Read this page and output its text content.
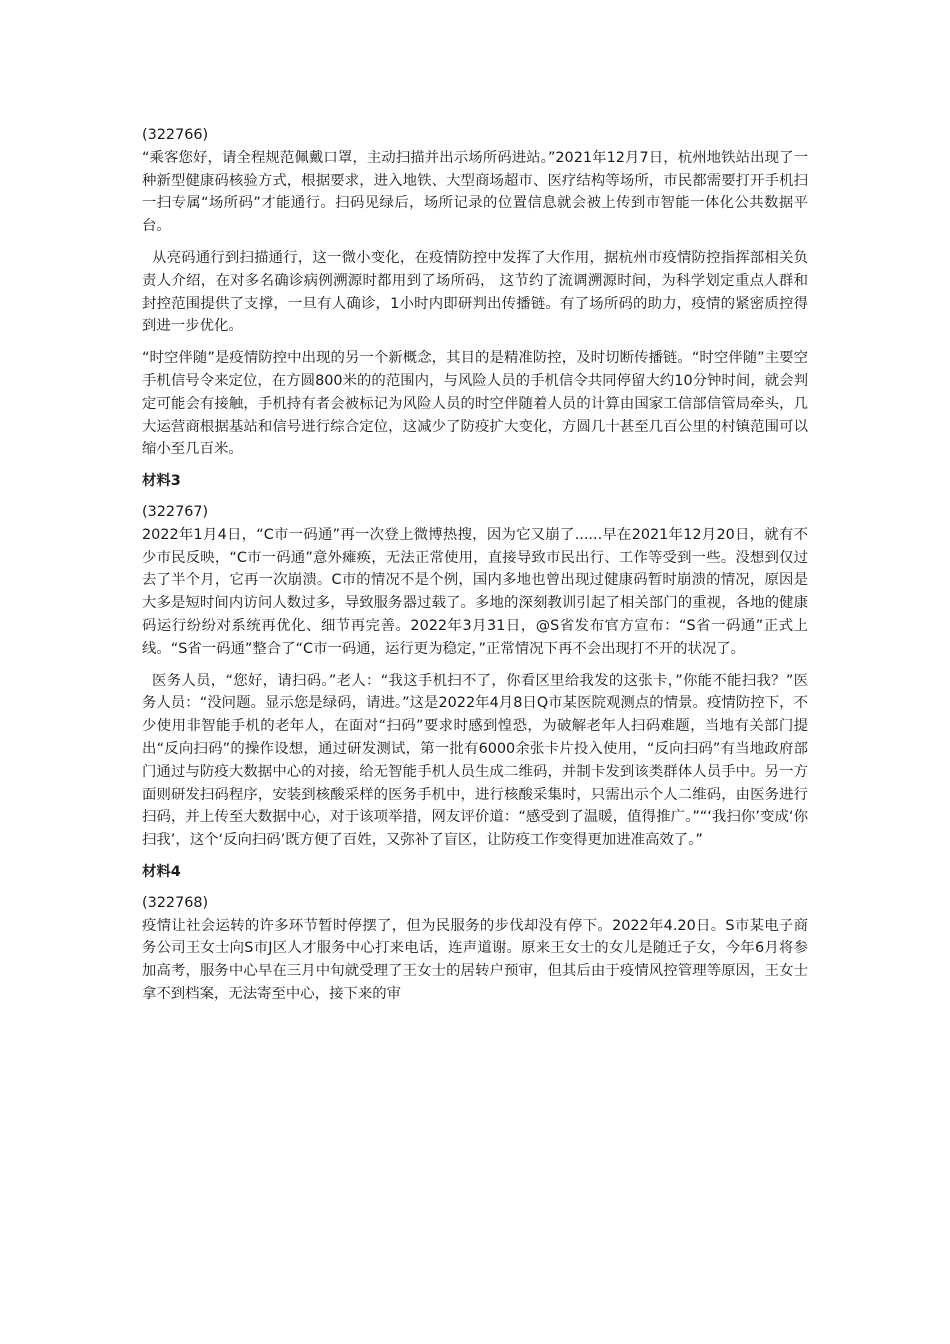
(322766)

“乘客您好，请全程规范佩戴口罩，主动扫描并出示场所码进站。”2021年12月7日，杭州地铁站出现了一种新型健康码核验方式，根据要求，进入地铁、大型商场超市、医疗结构等场所，市民都需要打开手机扫一扫专属“场所码”才能通行。扫码见绿后，场所记录的位置信息就会被上传到市智能一体化公共数据平台。

从亮码通行到扫描通行，这一微小变化，在疫情防控中发挥了大作用，据杭州市疫情防控指挥部相关负责人介绍，在对多名确诊病例溯源时都用到了场所码， 这节约了流调溯源时间，为科学划定重点人群和封控范围提供了支撑，一旦有人确诊，1小时内即研判出传播链。有了场所码的助力，疫情的紧密质控得到进一步优化。

“时空伴随”是疫情防控中出现的另一个新概念，其目的是精准防控，及时切断传播链。“时空伴随”主要空手机信号令来定位，在方圆800米的的范围内，与风险人员的手机信令共同停留大约10分钟时间，就会判定可能会有接触，手机持有者会被标记为风险人员的时空伴随着人员的计算由国家工信部信管局牵头，几大运营商根据基站和信号进行综合定位，这减少了防疫扩大变化，方圆几十甚至几百公里的村镇范围可以缩小至几百米。

材料3

(322767)

2022年1月4日，“C市一码通”再一次登上微博热搜，因为它又崩了......早在2021年12月20日，就有不少市民反映，“C市一码通”意外瘫痪，无法正常使用，直接导致市民出行、工作等受到一些。没想到仅过去了半个月，它再一次崩溃。C市的情况不是个例，国内多地也曾出现过健康码暂时崩溃的情况，原因是大多是短时间内访问人数过多，导致服务器过载了。多地的深刻教训引起了相关部门的重视，各地的健康码运行纷纷对系统再优化、细节再完善。2022年3月31日，@S省发布官方宣布：“S省一码通”正式上线。“S省一码通”整合了“C市一码通，运行更为稳定，”正常情况下再不会出现打不开的状况了。

医务人员，“您好，请扫码。”老人：“我这手机扫不了，你看区里给我发的这张卡，”你能不能扫我？”医务人员：“没问题。显示您是绿码，请进。”这是2022年4月8日Q市某医院观测点的情景。疫情防控下，不少使用非智能手机的老年人，在面对“扫码”要求时感到惶恐，为破解老年人扫码难题，当地有关部门提出“反向扫码”的操作设想，通过研发测试，第一批有6000余张卡片投入使用，“反向扫码”有当地政府部门通过与防疫大数据中心的对接，给无智能手机人员生成二维码，并制卡发到该类群体人员手中。另一方面则研发扫码程序，安装到核酸采样的医务手机中，进行核酸采集时，只需出示个人二维码，由医务进行扫码，并上传至大数据中心，对于该项举措，网友评价道：“感受到了温暖，值得推广。”“‘我扫你’变成‘你扫我’，这个‘反向扫码’既方便了百姓，又弥补了盲区，让防疫工作变得更加进准高效了。”

材料4

(322768)

疫情让社会运转的许多环节暂时停摆了，但为民服务的步伐却没有停下。2022年4.20日。S市某电子商务公司王女士向S市J区人才服务中心打来电话，连声道谢。原来王女士的女儿是随迁子女，今年6月将参加高考，服务中心早在三月中旬就受理了王女士的居转户预审，但其后由于疫情风控管理等原因，王女士拿不到档案，无法寄至中心，接下来的审
